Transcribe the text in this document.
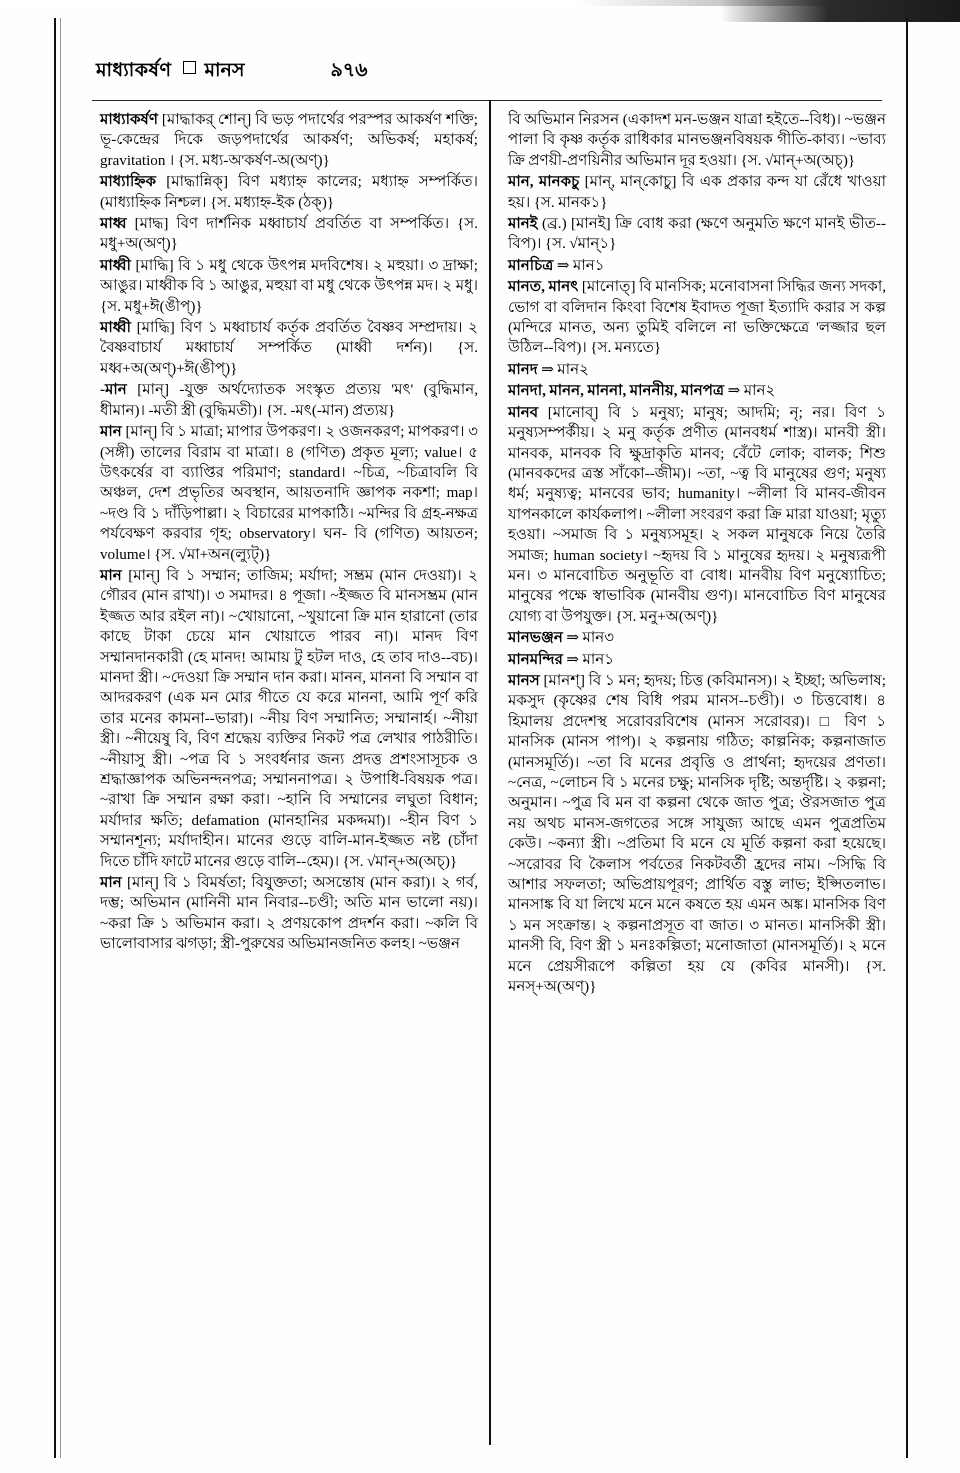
মাধ্যাকর্ষণ মানস	৯৭৬

মাধ্যাকর্ষণ [মাদ্ধাকর্ শোন্] বি ভড় পদার্থের পরস্পর আকর্ষণ শক্তি; ভূ-কেন্দ্রের দিকে জড়পদার্থের আকর্ষণ; অভিকর্ষ; মহাকর্ষ; gravitation । {স. মধ্য-অ'কর্ষণ-অ(অণ্)}

মাধ্যাহ্নিক [মাদ্ধান্নিক্] বিণ মধ্যাহ্ন কালের; মধ্যাহ্ন সম্পর্কিত। (মাধ্যাহ্নিক নিশ্চল। {স. মধ্যাহ্ন-ইক (ঠক্‌)}

মাধ্ব [মাদ্ধ] বিণ দার্শনিক মধ্বাচার্য প্রবর্তিত বা সম্পর্কিত। {স. মধু+অ(অণ্)}

মাধ্বী [মাদ্ধি] বি ১ মধু থেকে উৎপন্ন মদবিশেষ। ২ মহুয়া। ৩ দ্রাক্ষা; আঙুর। মাধ্বীক বি ১ আঙুর, মহুয়া বা মধু থেকে উৎপন্ন মদ। ২ মধু। {স. মধু+ঈ(ঙীপ্)}

মাধ্বী [মাদ্ধি] বিণ ১ মধ্বাচার্য কর্তৃক প্রবর্তিত বৈষ্ণব সম্প্রদায়। ২ বৈষ্ণবাচার্য মধ্বাচার্য সম্পর্কিত (মাধ্বী দর্শন)। {স. মধ্ব+অ(অণ্)+ঈ(ঙীপ্)}

-মান [মান্] -যুক্ত অর্থদ্যোতক সংস্কৃত প্রত্যয় 'মৎ' (বুদ্ধিমান, ধীমান)। -মতী স্ত্রী (বুদ্ধিমতী)। {স. -মৎ(-মান) প্রত্যয়}

মান [মান্] বি ১ মাত্রা; মাপার উপকরণ। ২ ওজনকরণ; মাপকরণ। ৩ (সঙ্গী) তালের বিরাম বা মাত্রা। ৪ (গণিত) প্রকৃত মূল্য; value। ৫ উৎকর্ষের বা ব্যাপ্তির পরিমাণ; standard। ~চিত্র, ~চিত্রাবলি বি অঞ্চল, দেশ প্রভৃতির অবস্থান, আয়তনাদি জ্ঞাপক নকশা; map। ~দণ্ড বি ১ দাঁড়িপাল্লা। ২ বিচারের মাপকাঠি। ~মন্দির বি গ্রহ-নক্ষত্র পর্যবেক্ষণ করবার গৃহ; observatory। ঘন- বি (গণিত) আয়তন; volume। {স. √মা+অন(ল্যুট্)}

মান [মান্] বি ১ সম্মান; তাজিম; মর্যাদা; সম্ভ্রম (মান দেওয়া)। ২ গৌরব (মান রাখা)। ৩ সমাদর। ৪ পূজা। ~ইজ্জত বি মানসম্ভ্রম (মান ইজ্জত আর রইল না)। ~খোয়ানো, ~খুয়ানো ক্রি মান হারানো (তার কাছে টাকা চেয়ে মান খোয়াতে পারব না)। মানদ বিণ সম্মানদানকারী (হে মানদ! আমায় টু হটল দাও, হে তাব দাও--বচ)। মানদা স্ত্রী। ~দেওয়া ক্রি সম্মান দান করা। মানন, মাননা বি সম্মান বা আদরকরণ (এক মন মোর গীতে যে করে মাননা, আমি পূর্ণ করি তার মনের কামনা--ভারা)। ~নীয় বিণ সম্মানিত; সম্মানার্হ। ~নীয়া স্ত্রী। ~নীয়েষু বি, বিণ শ্রদ্ধেয় ব্যক্তির নিকট পত্র লেখার পাঠরীতি। ~নীয়াসু স্ত্রী। ~পত্র বি ১ সংবর্ধনার জন্য প্রদত্ত প্রশংসাসূচক ও শ্রদ্ধাজ্ঞাপক অভিনন্দনপত্র; সম্মাননাপত্র। ২ উপাধি-বিষয়ক পত্র। ~রাখা ক্রি সম্মান রক্ষা করা। ~হানি বি সম্মানের লঘুতা বিধান; মর্যাদার ক্ষতি; defamation (মানহানির মকদ্দমা)। ~হীন বিণ ১ সম্মানশূন্য; মর্যাদাহীন। মানের গুড়ে বালি-মান-ইজ্জত নষ্ট (চাঁদা দিতে চাঁদি ফাটে মানের গুড়ে বালি--হেম)। {স. √মান্+অ(অচ্)}

মান [মান্] বি ১ বিমর্ষতা; বিযুক্ততা; অসন্তোষ (মান করা)। ২ গর্ব, দম্ভ; অভিমান (মানিনী মান নিবার--চণ্ডী; অতি মান ভালো নয়)। ~করা ক্রি ১ অভিমান করা। ২ প্রণয়কোপ প্রদর্শন করা। ~কলি বি ভালোবাসার ঝগড়া; স্ত্রী-পুরুষের অভিমানজনিত কলহ। ~ভঞ্জন

বি অভিমান নিরসন (একাদশ মন-ভঞ্জন যাত্রা হইতে--বিধ)। ~ভঞ্জন পালা বি কৃষ্ণ কর্তৃক রাধিকার মানভঞ্জনবিষয়ক গীতি-কাব্য। ~ভাব্য ক্রি প্রণয়ী-প্রণয়িনীর অভিমান দূর হওয়া। {স. √মান্+অ(অচ্)}

মান, মানকচু [মান্, মান্‌কোচু] বি এক প্রকার কন্দ যা রেঁধে খাওয়া হয়। {স. মানক১}

মানই (ব্র.) [মানই] ক্রি বোধ করা (ক্ষণে অনুমতি ক্ষণে মানই ভীত--বিপ)। {স. √মান্১}

মানচিত্র ⇒ মান১

মানত, মানৎ [মানোত্] বি মানসিক; মনোবাসনা সিদ্ধির জন্য সদকা, ভোগ বা বলিদান কিংবা বিশেষ ইবাদত পূজা ইত্যাদি করার স কল্প (মন্দিরে মানত, অন্য তুমিই বলিলে না ভক্তিক্ষেত্রে 'লজ্জার ছল উঠিল--বিপ)। {স. মন্যতে}

মানদ ⇒ মান২

মানদা, মানন, মাননা, মাননীয়, মানপত্র ⇒ মান২

মানব [মানোব্] বি ১ মনুষ্য; মানুষ; আদমি; নৃ; নর। বিণ ১ মনুষ্যসম্পর্কীয়। ২ মনু কর্তৃক প্রণীত (মানবধর্ম শাস্ত্র)। মানবী স্ত্রী। মানবক, মানবক বি ক্ষুদ্রাকৃতি মানব; বেঁটে লোক; বালক; শিশু (মানবকদের ত্রস্ত সাঁকো--জীম)। ~তা, ~ত্ব বি মানুষের গুণ; মনুষ্য ধর্ম; মনুষ্যত্ব; মানবের ভাব; humanity। ~লীলা বি মানব-জীবন যাপনকালে কার্যকলাপ। ~লীলা সংবরণ করা ক্রি মারা যাওয়া; মৃত্যু হওয়া। ~সমাজ বি ১ মনুষ্যসমূহ। ২ সকল মানুষকে নিয়ে তৈরি সমাজ; human society। ~হৃদয় বি ১ মানুষের হৃদয়। ২ মনুষ্যরূপী মন। ৩ মানবোচিত অনুভূতি বা বোধ। মানবীয় বিণ মনুষ্যোচিত; মানুষের পক্ষে স্বাভাবিক (মানবীয় গুণ)। মানবোচিত বিণ মানুষের যোগ্য বা উপযুক্ত। {স. মনু+অ(অণ্)}

মানভঞ্জন ⇒ মান৩

মানমন্দির ⇒ মান১

মানস [মানশ্] বি ১ মন; হৃদয়; চিত্ত (কবিমানস)। ২ ইচ্ছা; অভিলাষ; মকসুদ (কৃষ্ণের শেষ বিধি পরম মানস--চণ্ডী)। ৩ চিত্তবোধ। ৪ হিমালয় প্রদেশস্থ সরোবরবিশেষ (মানস সরোবর)। □ বিণ ১ মানসিক (মানস পাপ)। ২ কল্পনায় গঠিত; কাল্পনিক; কল্পনাজাত (মানসমূর্তি)। ~তা বি মনের প্রবৃত্তি ও প্রার্থনা; হৃদয়ের প্রণতা। ~নেত্র, ~লোচন বি ১ মনের চক্ষু; মানসিক দৃষ্টি; অন্তর্দৃষ্টি। ২ কল্পনা; অনুমান। ~পুত্র বি মন বা কল্পনা থেকে জাত পুত্র; ঔরসজাত পুত্র নয় অথচ মানস-জগতের সঙ্গে সাযুজ্য আছে এমন পুত্রপ্রতিম কেউ। ~কন্যা স্ত্রী। ~প্রতিমা বি মনে যে মূর্তি কল্পনা করা হয়েছে। ~সরোবর বি কৈলাস পর্বতের নিকটবর্তী হ্রদের নাম। ~সিদ্ধি বি আশার সফলতা; অভিপ্রায়পূরণ; প্রার্থিত বস্তু লাভ; ইপ্সিতলাভ। মানসাঙ্ক বি যা লিখে মনে মনে কষতে হয় এমন অঙ্ক। মানসিক বিণ ১ মন সংক্রান্ত। ২ কল্পনাপ্রসূত বা জাত। ৩ মানত। মানসিকী স্ত্রী। মানসী বি, বিণ স্ত্রী ১ মনঃকল্পিতা; মনোজাতা (মানসমূর্তি)। ২ মনে মনে প্রেয়সীরূপে কল্পিতা হয় যে (কবির মানসী)। {স. মনস্+অ(অণ্)}
